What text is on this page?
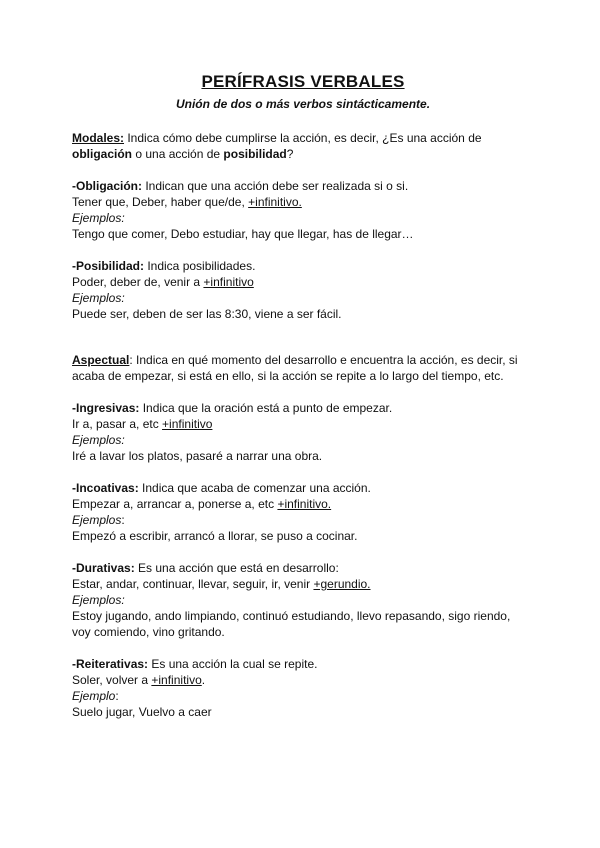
PERÍFRASIS VERBALES

Unión de dos o más verbos sintácticamente.

Modales: Indica cómo debe cumplirse la acción, es decir, ¿Es una acción de

obligación o una acción de posibilidad?

-Obligación: Indican que una acción debe ser realizada si o si.

Tener que, Deber, haber que/de, +infinitivo.

Ejemplos:

Tengo que comer, Debo estudiar, hay que llegar, has de llegar…

-Posibilidad: Indica posibilidades.

Poder, deber de, venir a +infinitivo

Ejemplos:

Puede ser, deben de ser las 8:30, viene a ser fácil.

Aspectual: Indica en qué momento del desarrollo e encuentra la acción, es decir, si

acaba de empezar, si está en ello, si la acción se repite a lo largo del tiempo, etc.

-Ingresivas: Indica que la oración está a punto de empezar.

Ir a, pasar a, etc +infinitivo

Ejemplos:

Iré a lavar los platos, pasaré a narrar una obra.

-Incoativas: Indica que acaba de comenzar una acción.

Empezar a, arrancar a, ponerse a, etc +infinitivo.

Ejemplos:

Empezó a escribir, arrancó a llorar, se puso a cocinar.

-Durativas: Es una acción que está en desarrollo:

Estar, andar, continuar, llevar, seguir, ir, venir +gerundio.

Ejemplos:

Estoy jugando, ando limpiando, continuó estudiando, llevo repasando, sigo riendo,

voy comiendo, vino gritando.

-Reiterativas: Es una acción la cual se repite.

Soler, volver a +infinitivo.

Ejemplo:

Suelo jugar, Vuelvo a caer
